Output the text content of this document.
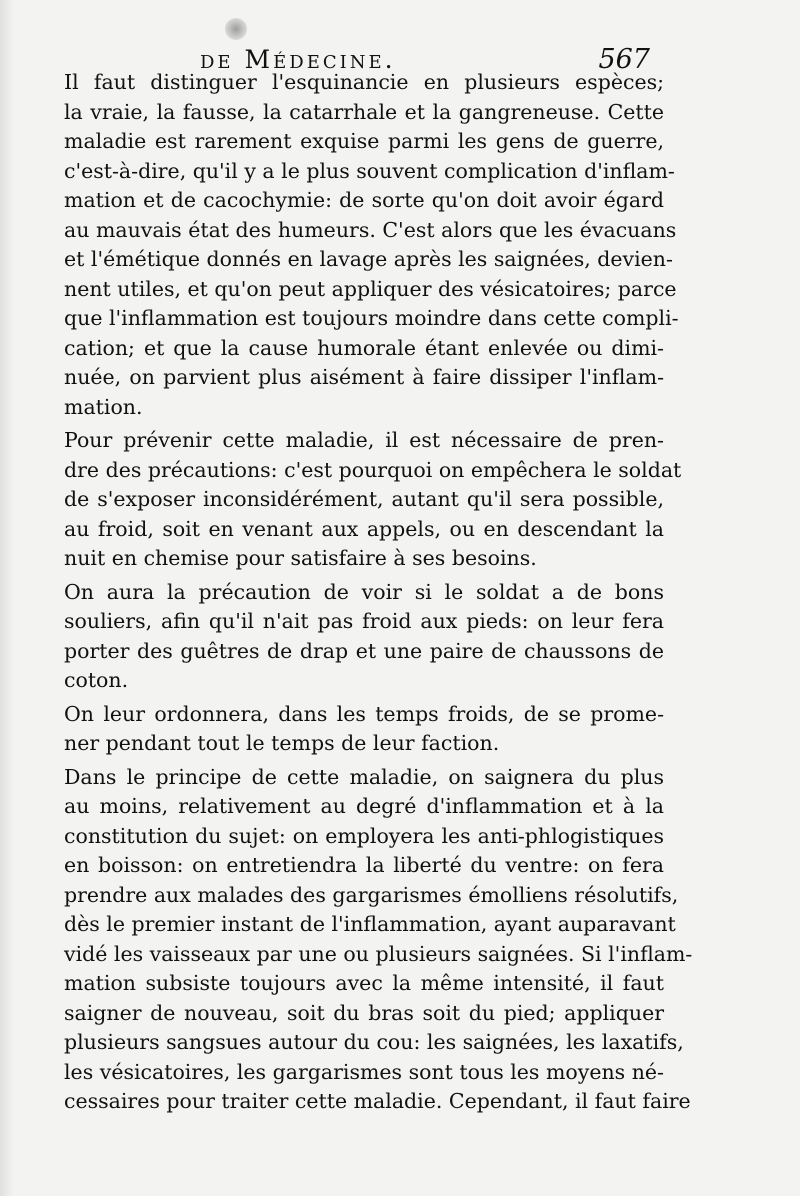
de Médecine.	567
Il faut distinguer l'esquinancie en plusieurs espèces;
la vraie, la fausse, la catarrhale et la gangreneuse. Cette
maladie est rarement exquise parmi les gens de guerre,
c'est-à-dire, qu'il y a le plus souvent complication d'inflam-
mation et de cacochymie: de sorte qu'on doit avoir égard
au mauvais état des humeurs. C'est alors que les évacuans
et l'émétique donnés en lavage après les saignées, devien-
nent utiles, et qu'on peut appliquer des vésicatoires; parce
que l'inflammation est toujours moindre dans cette compli-
cation; et que la cause humorale étant enlevée ou dimi-
nuée, on parvient plus aisément à faire dissiper l'inflam-
mation.
Pour prévenir cette maladie, il est nécessaire de pren-
dre des précautions: c'est pourquoi on empêchera le soldat
de s'exposer inconsidérément, autant qu'il sera possible,
au froid, soit en venant aux appels, ou en descendant la
nuit en chemise pour satisfaire à ses besoins.
On aura la précaution de voir si le soldat a de bons
souliers, afin qu'il n'ait pas froid aux pieds: on leur fera
porter des guêtres de drap et une paire de chaussons de
coton.
On leur ordonnera, dans les temps froids, de se prome-
ner pendant tout le temps de leur faction.
Dans le principe de cette maladie, on saignera du plus
au moins, relativement au degré d'inflammation et à la
constitution du sujet: on employera les anti-phlogistiques
en boisson: on entretiendra la liberté du ventre: on fera
prendre aux malades des gargarismes émolliens résolutifs,
dès le premier instant de l'inflammation, ayant auparavant
vidé les vaisseaux par une ou plusieurs saignées. Si l'inflam-
mation subsiste toujours avec la même intensité, il faut
saigner de nouveau, soit du bras soit du pied; appliquer
plusieurs sangsues autour du cou: les saignées, les laxatifs,
les vésicatoires, les gargarismes sont tous les moyens né-
cessaires pour traiter cette maladie. Cependant, il faut faire
